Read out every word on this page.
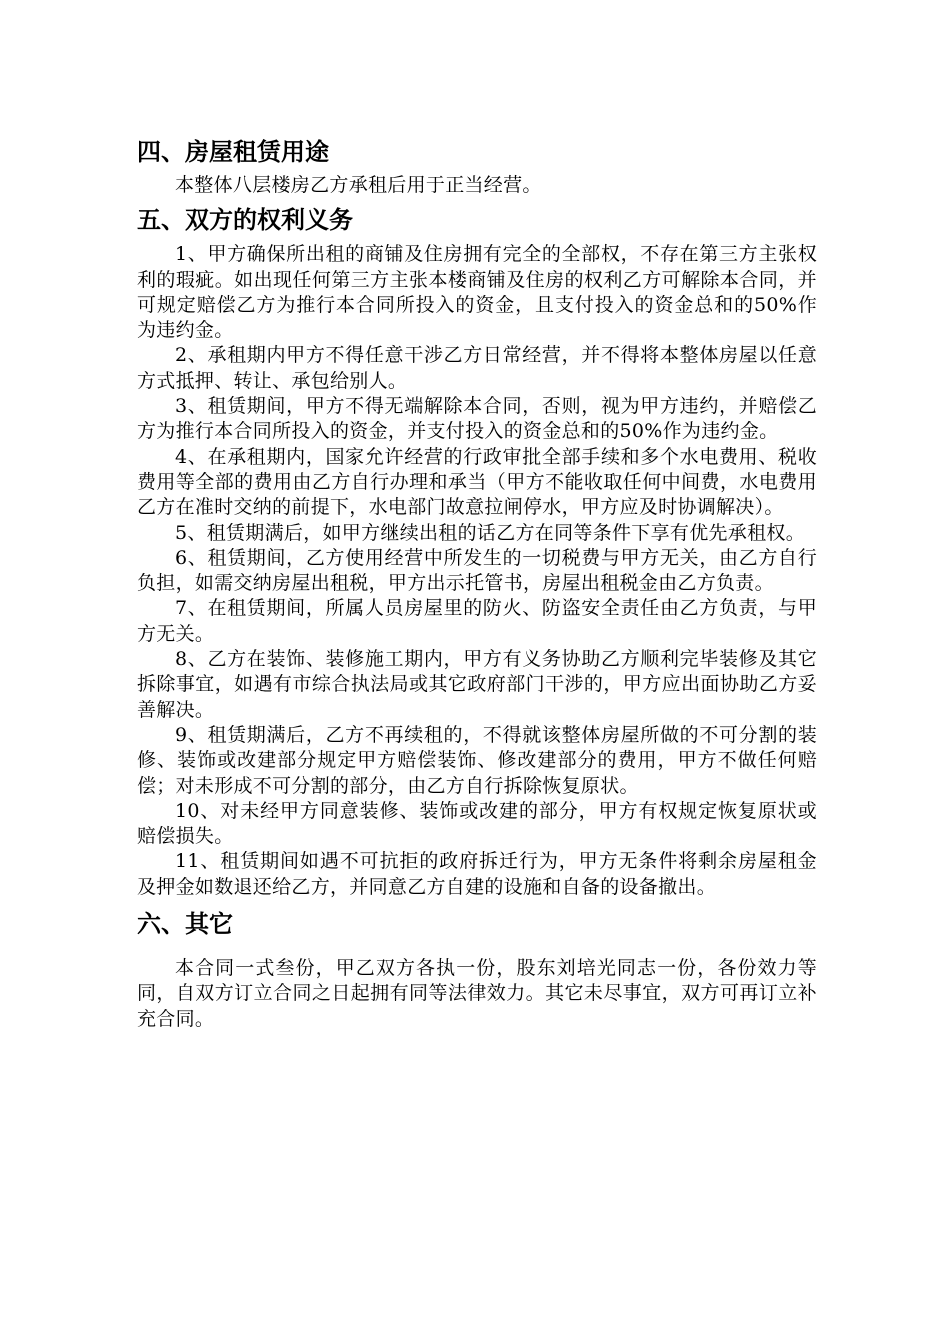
四、房屋租赁用途

本整体八层楼房乙方承租后用于正当经营。

五、双方的权利义务

1、甲方确保所出租的商铺及住房拥有完全的全部权，不存在第三方主张权利的瑕疵。如出现任何第三方主张本楼商铺及住房的权利乙方可解除本合同，并可规定赔偿乙方为推行本合同所投入的资金，且支付投入的资金总和的50%作为违约金。

2、承租期内甲方不得任意干涉乙方日常经营，并不得将本整体房屋以任意方式抵押、转让、承包给别人。

3、租赁期间，甲方不得无端解除本合同，否则，视为甲方违约，并赔偿乙方为推行本合同所投入的资金，并支付投入的资金总和的50%作为违约金。

4、在承租期内，国家允许经营的行政审批全部手续和多个水电费用、税收费用等全部的费用由乙方自行办理和承当（甲方不能收取任何中间费，水电费用乙方在准时交纳的前提下，水电部门故意拉闸停水，甲方应及时协调解决）。

5、租赁期满后，如甲方继续出租的话乙方在同等条件下享有优先承租权。

6、租赁期间，乙方使用经营中所发生的一切税费与甲方无关，由乙方自行负担，如需交纳房屋出租税，甲方出示托管书，房屋出租税金由乙方负责。

7、在租赁期间，所属人员房屋里的防火、防盗安全责任由乙方负责，与甲方无关。

8、乙方在装饰、装修施工期内，甲方有义务协助乙方顺利完毕装修及其它拆除事宜，如遇有市综合执法局或其它政府部门干涉的，甲方应出面协助乙方妥善解决。

9、租赁期满后，乙方不再续租的，不得就该整体房屋所做的不可分割的装修、装饰或改建部分规定甲方赔偿装饰、修改建部分的费用，甲方不做任何赔偿；对未形成不可分割的部分，由乙方自行拆除恢复原状。

10、对未经甲方同意装修、装饰或改建的部分，甲方有权规定恢复原状或赔偿损失。

11、租赁期间如遇不可抗拒的政府拆迁行为，甲方无条件将剩余房屋租金及押金如数退还给乙方，并同意乙方自建的设施和自备的设备撤出。

六、其它

本合同一式叁份，甲乙双方各执一份，股东刘培光同志一份，各份效力等同，自双方订立合同之日起拥有同等法律效力。其它未尽事宜，双方可再订立补充合同。
